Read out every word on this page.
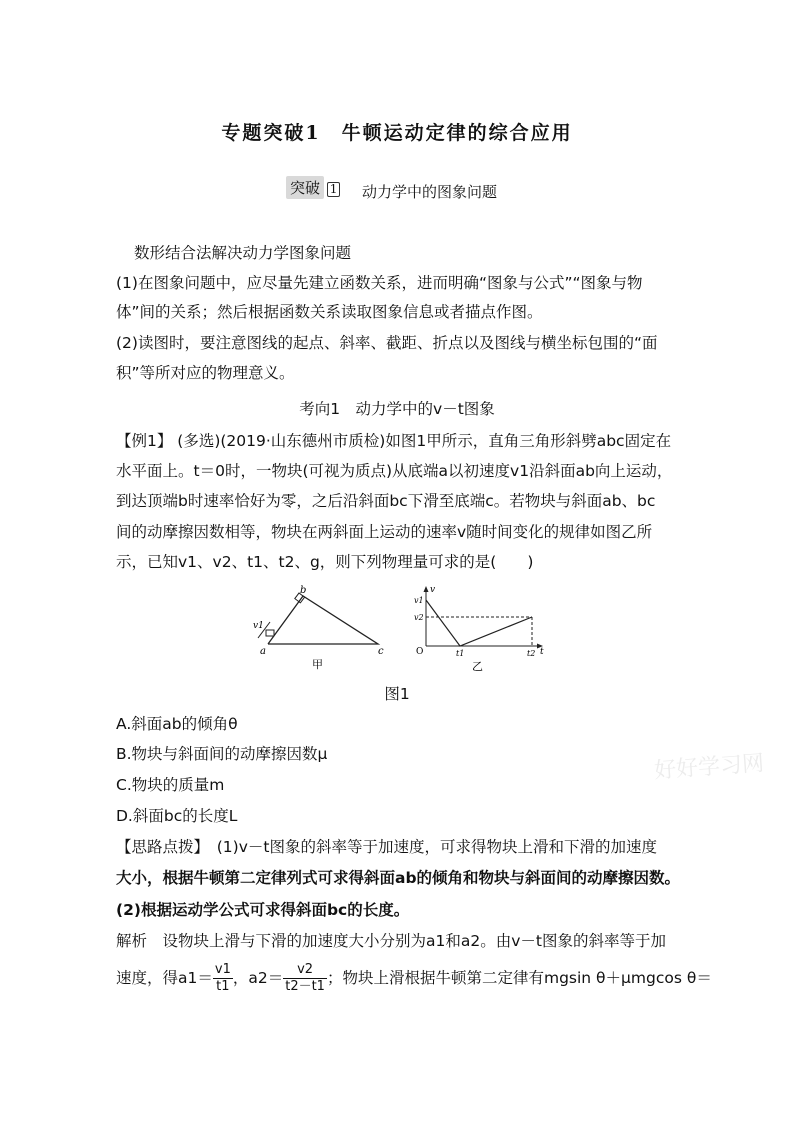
专题突破1　牛顿运动定律的综合应用
突破 1 动力学中的图象问题
数形结合法解决动力学图象问题
(1)在图象问题中，应尽量先建立函数关系，进而明确“图象与公式”“图象与物
体”间的关系；然后根据函数关系读取图象信息或者描点作图。
(2)读图时，要注意图线的起点、斜率、截距、折点以及图线与横坐标包围的“面
积”等所对应的物理意义。
考向1　动力学中的v－t图象
【例1】 (多选)(2019·山东德州市质检)如图1甲所示，直角三角形斜劈abc固定在
水平面上。t＝0时，一物块(可视为质点)从底端a以初速度v1沿斜面ab向上运动，
到达顶端b时速率恰好为零，之后沿斜面bc下滑至底端c。若物块与斜面ab、bc
间的动摩擦因数相等，物块在两斜面上运动的速率v随时间变化的规律如图乙所
示，已知v1、v2、t1、t2、g，则下列物理量可求的是(　　)
b
a	c
v1
甲
v
v1
v2
O	t1	t2 t
乙
图1
A.斜面ab的倾角θ
B.物块与斜面间的动摩擦因数μ
C.物块的质量m
D.斜面bc的长度L
好好学习网
【思路点拨】　(1)v－t图象的斜率等于加速度，可求得物块上滑和下滑的加速度
大小，根据牛顿第二定律列式可求得斜面ab的倾角和物块与斜面间的动摩擦因数。
(2)根据运动学公式可求得斜面bc的长度。
解析　设物块上滑与下滑的加速度大小分别为a1和a2。由v－t图象的斜率等于加
速度，得$a1= \frac{v1}{t1}$ ，$a2= \frac{v2}{t2-t1}$ ；物块上滑根据牛顿第二定律有mgsin θ＋μmgcos θ＝
